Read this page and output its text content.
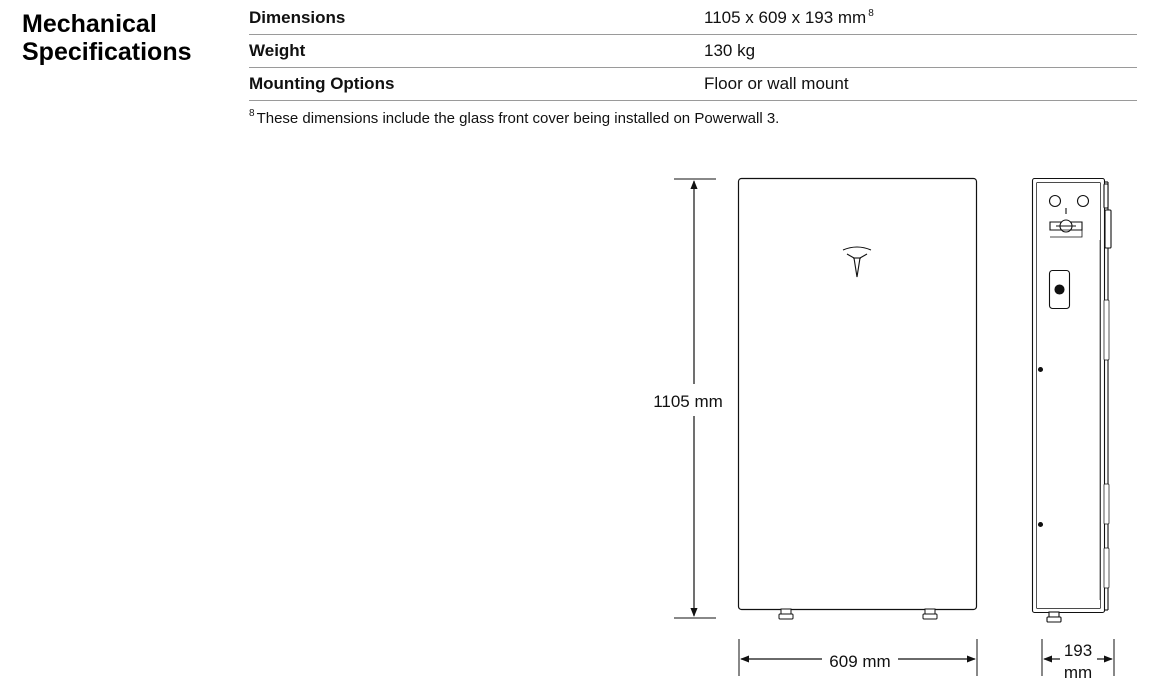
Mechanical
Specifications
Dimensions	1105 x 609 x 193 mm $^8$
Weight	130 kg
Mounting Options	Floor or wall mount
$^8$ These dimensions include the glass front cover being installed on Powerwall 3.
1105 mm
609 mm
193
mm
